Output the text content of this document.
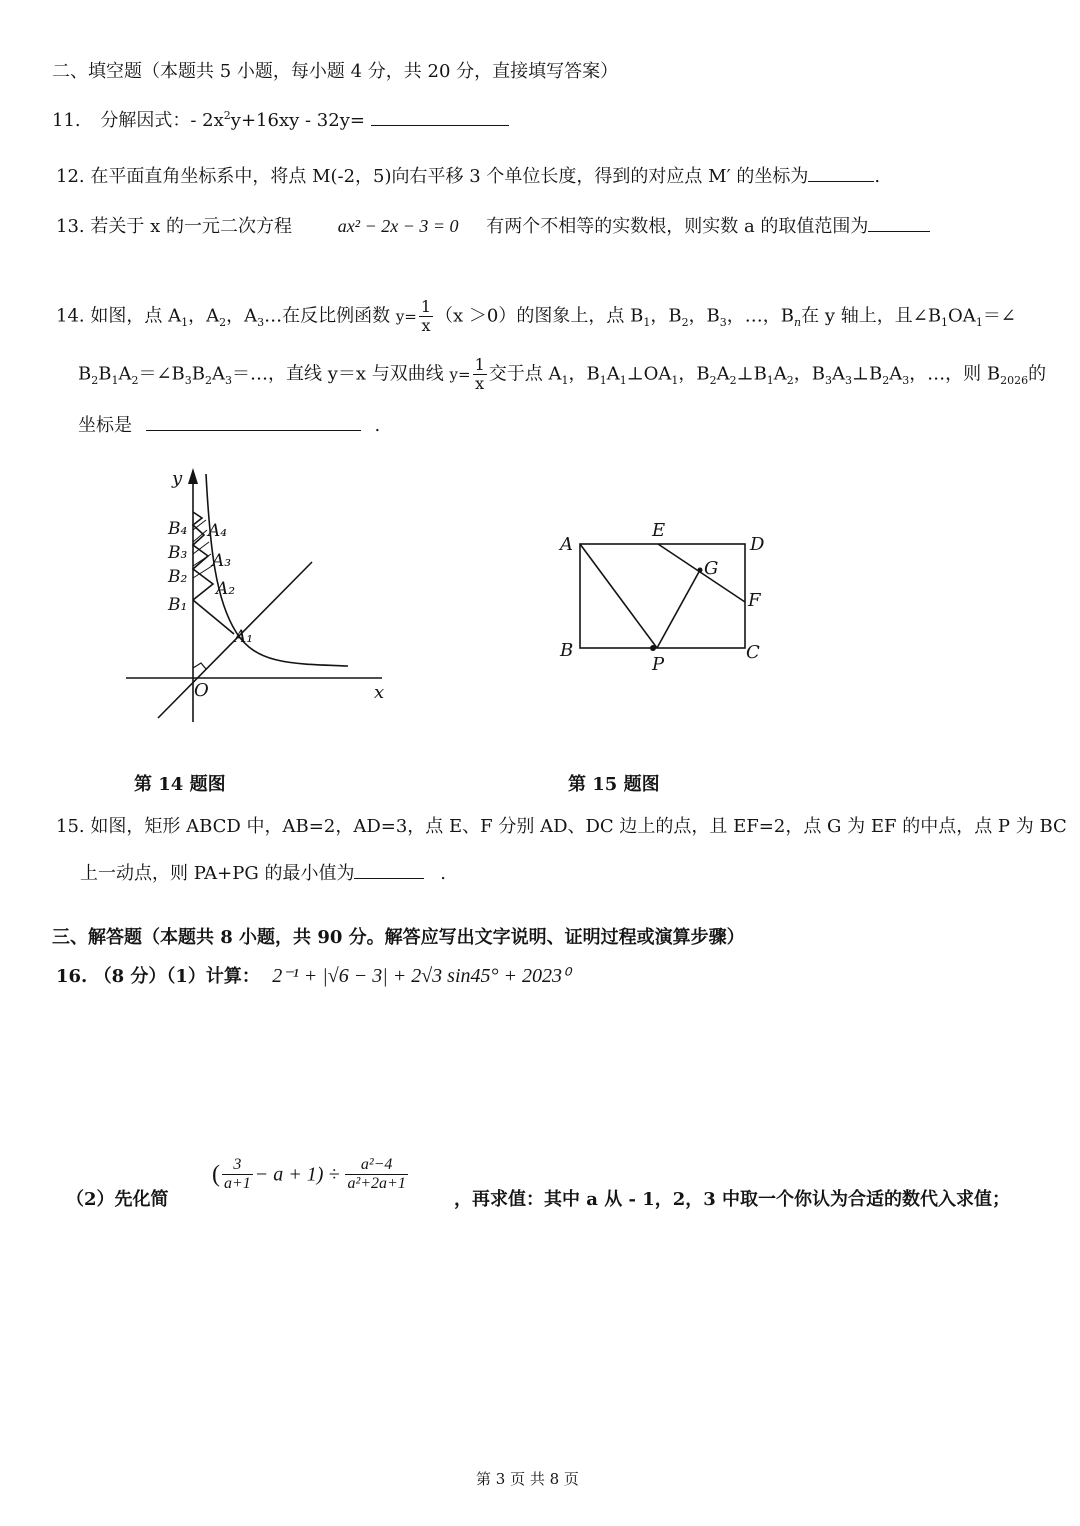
二、填空题（本题共 5 小题，每小题 4 分，共 20 分，直接填写答案）
11. 分解因式：- $2x^2y+16xy - 32y=$
12. 在平面直角坐标系中，将点 M(-2，5)向右平移 3 个单位长度，得到的对应点 M′ 的坐标为	.
13. 若关于 x 的一元二次方程	ax² − 2x − 3 = 0 有两个不相等的实数根，则实数 a 的取值范围为
14. 如图，点 $A_1$，$A_2$，$A_3\dots$在反比例函数 $y= \frac{1}{x} (x >0)$的图象上，点 $B_1$，$B_2$，$B_3$，…，$B_n$在 y 轴上，且$\angle B_1OA_1=\angle$
$B_2B_1A_2=\angle B_3B_2A_3=\dots$，直线 y＝x 与双曲线 $y= \frac{1}{x}$ 交于点 $A_1$，$B_1A_1\perp OA_1$，$B_2A_2\perp B_1A_2$，$B_3A_3\perp B_2A_3$，…，则 $B_{2026}$的
坐标是	.
y
x
O
B₄
B₃
B₂
B₁
A₄
A₃
A₂
A₁
第 14 题图
A
E
D
G
F
B
P
C
第 15 题图
15. 如图，矩形 ABCD 中，AB=2，AD=3，点 E、F 分别 AD、DC 边上的点，且 EF=2，点 G 为 EF 的中点，点 P 为 BC
上一动点，则 PA+PG 的最小值为	.
三、解答题（本题共 8 小题，共 90 分。解答应写出文字说明、证明过程或演算步骤）
16. （8 分）（1）计算： 2⁻¹ + |√6 − 3| + 2√3 sin45° + 2023⁰
（2）先化简
( $\frac{3}{a+1} - a + 1) \div \frac{\text{a²−4}}{\text{a²+2a+1}}$
，再求值：其中 a 从 - 1，2，3 中取一个你认为合适的数代入求值；
第 3 页 共 8 页
